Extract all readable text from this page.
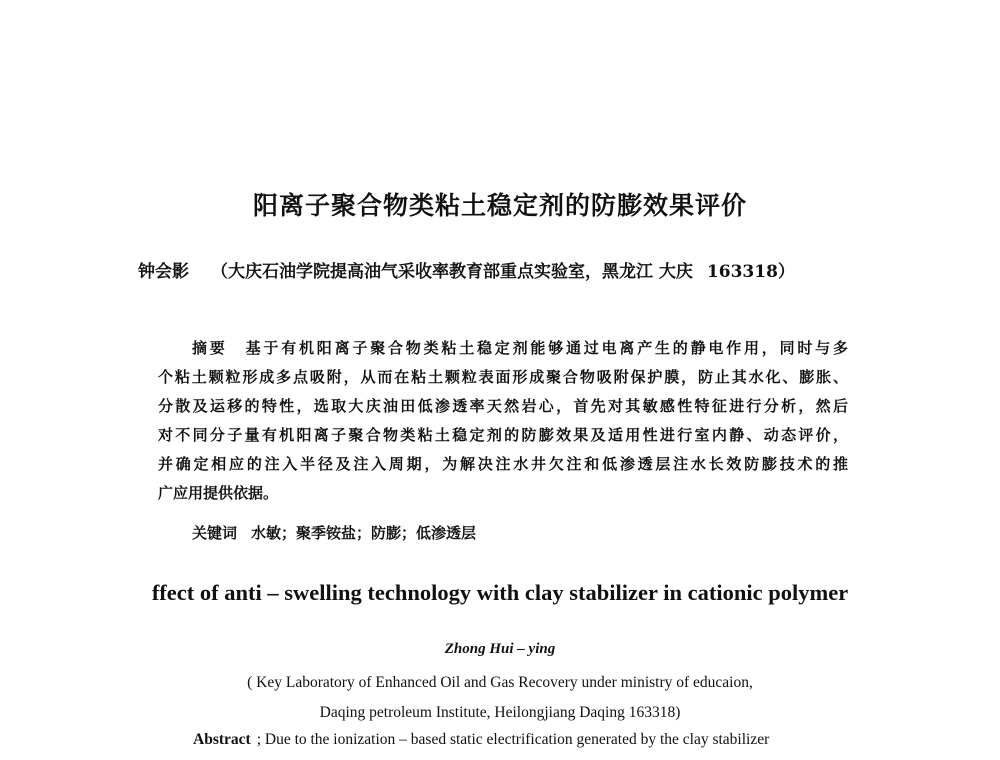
阳离子聚合物类粘土稳定剂的防膨效果评价
钟会影 （大庆石油学院提高油气采收率教育部重点实验室，黑龙江 大庆 163318）
摘要 基于有机阳离子聚合物类粘土稳定剂能够通过电离产生的静电作用，同时与多
个粘土颗粒形成多点吸附，从而在粘土颗粒表面形成聚合物吸附保护膜，防止其水化、膨胀、
分散及运移的特性，选取大庆油田低渗透率天然岩心，首先对其敏感性特征进行分析，然后
对不同分子量有机阳离子聚合物类粘土稳定剂的防膨效果及适用性进行室内静、动态评价，
并确定相应的注入半径及注入周期，为解决注水井欠注和低渗透层注水长效防膨技术的推
广应用提供依据。
关键词 水敏；聚季铵盐；防膨；低渗透层
ffect of anti – swelling technology with clay stabilizer in cationic polymer
Zhong Hui – ying
( Key Laboratory of Enhanced Oil and Gas Recovery under ministry of educaion,
Daqing petroleum Institute, Heilongjiang Daqing 163318)
Abstract ; Due to the ionization – based static electrification generated by the clay stabilizer
